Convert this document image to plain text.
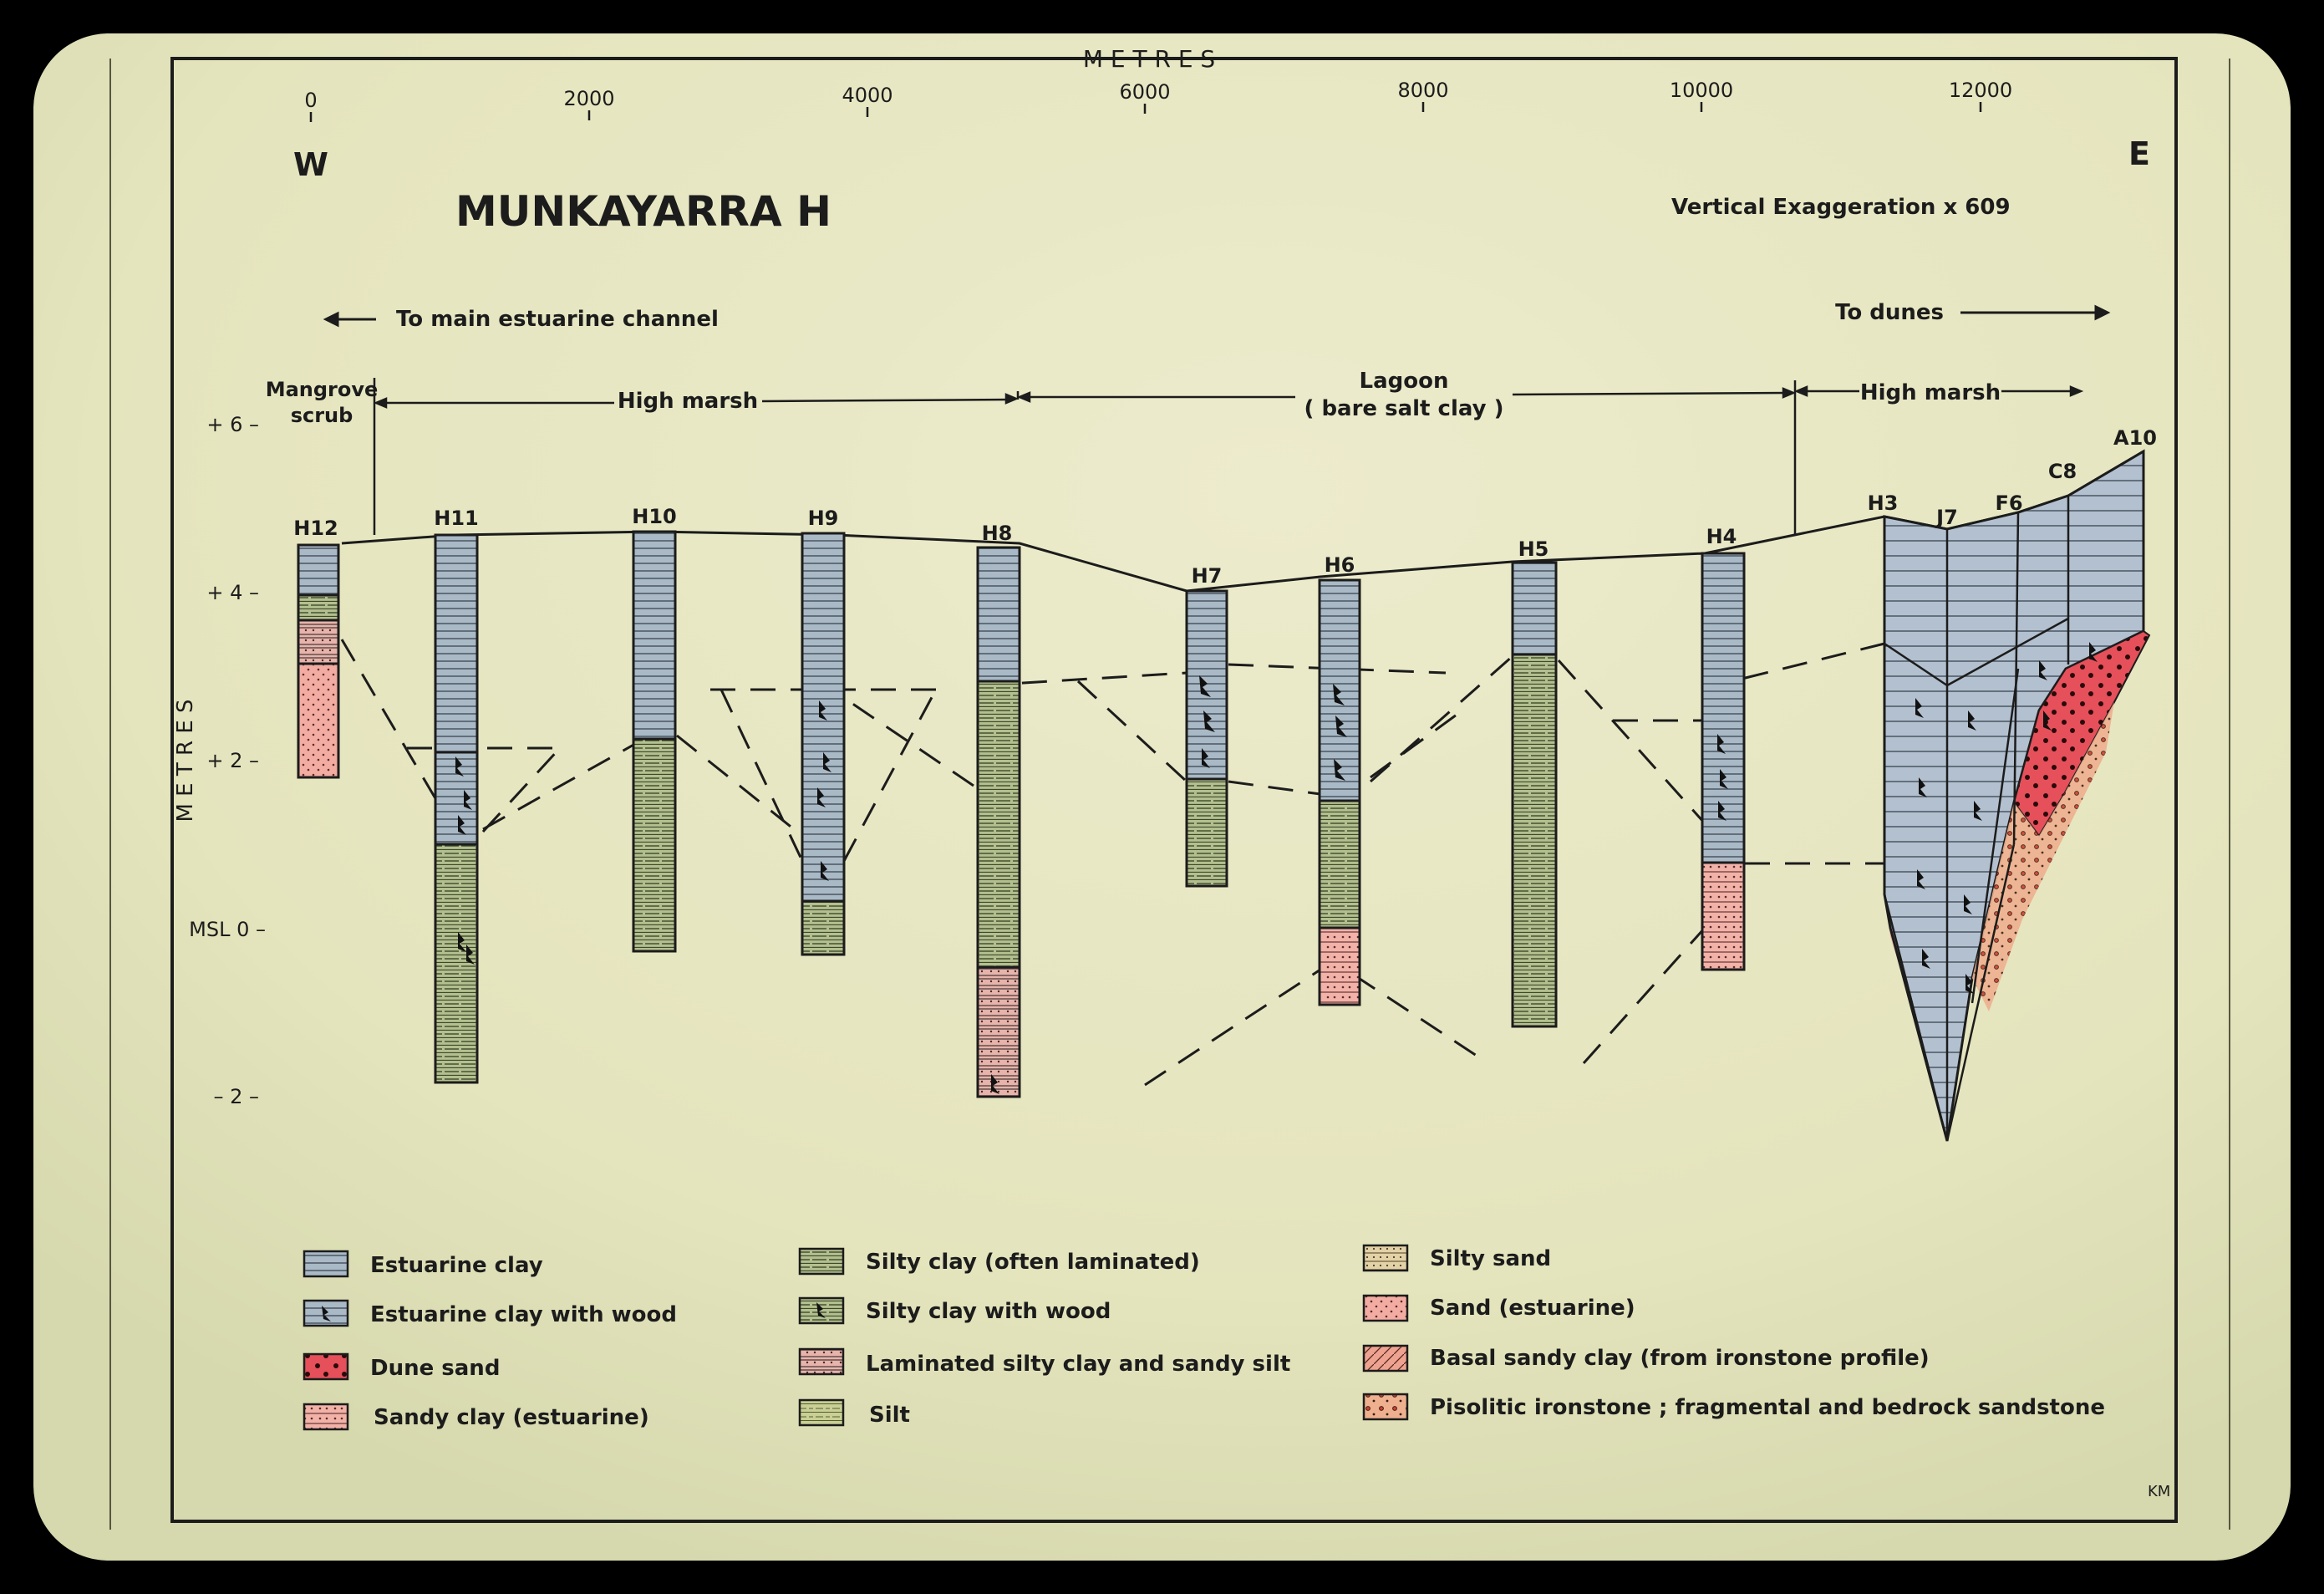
MUNKAYARRA H	Vertical Exaggeration x 609
M E T R E S
W	E
0	2000	4000	6000	8000	10000	12000
M E T R E S
+ 6 –
+ 4 –
+ 2 –
MSL 0 –
– 2 –
To main estuarine channel	To dunes
Mangrove
scrub
High marsh
Lagoon
( bare salt clay )
High marsh
H12	H11	H10	H9
H8
H7	H6
H5
H4
H3
J7
F6
C8
A10
Estuarine clay
Estuarine clay with wood
Dune sand
Sandy clay (estuarine)
Silty clay (often laminated)
Silty clay with wood
Laminated silty clay and sandy silt
Silt
Silty sand
Sand (estuarine)
Basal sandy clay (from ironstone profile)
Pisolitic ironstone ; fragmental and bedrock sandstone
KM
